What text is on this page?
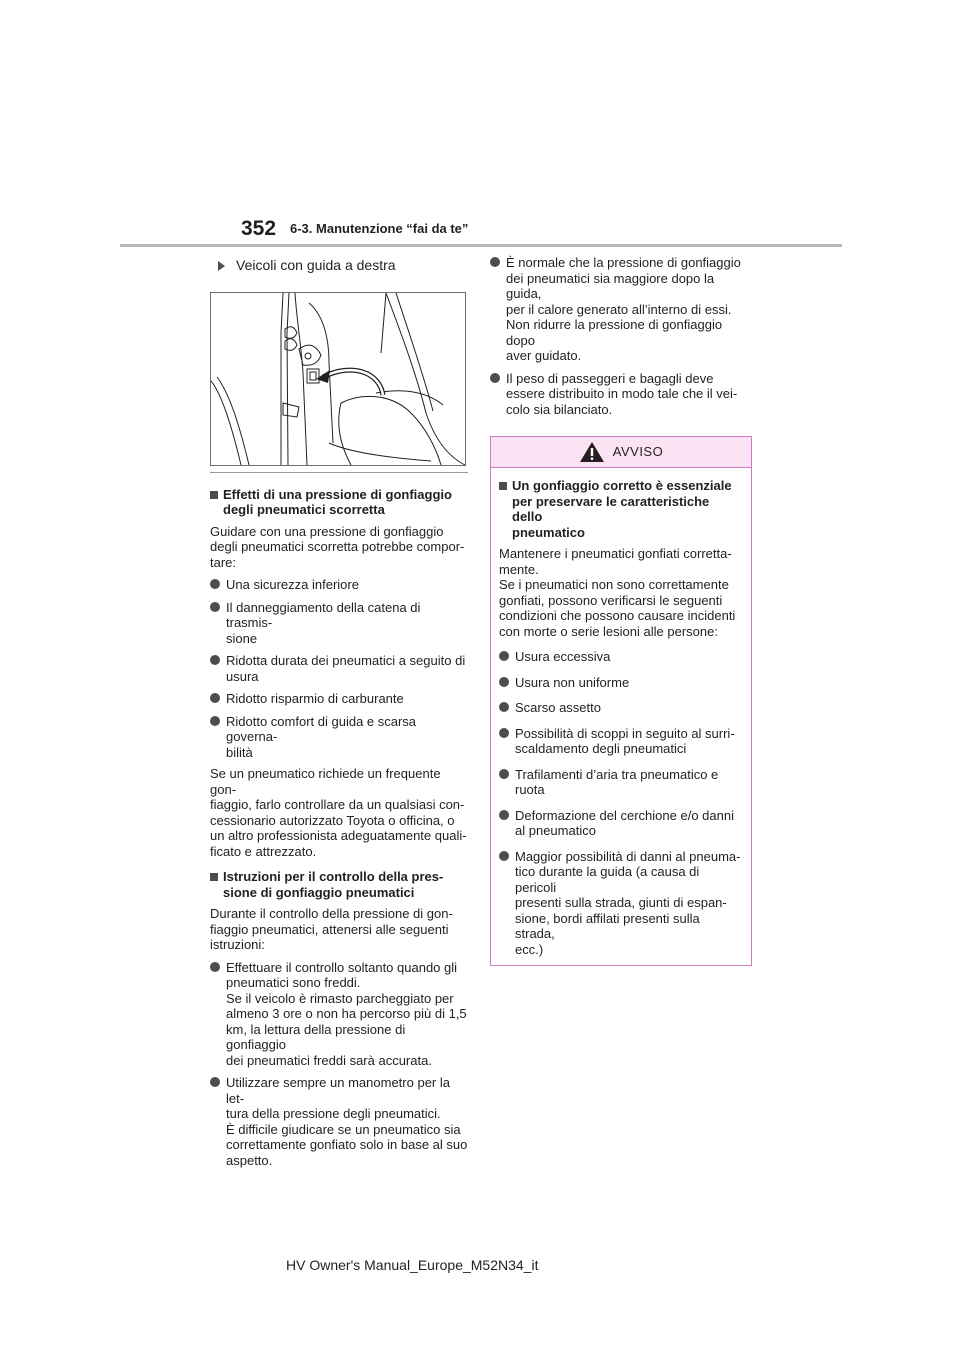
352 6-3. Manutenzione “fai da te”
Veicoli con guida a destra
Effetti di una pressione di gonfiaggio degli pneumatici scorretta
Guidare con una pressione di gonfiaggio
degli pneumatici scorretta potrebbe compor-
tare:
Una sicurezza inferiore
Il danneggiamento della catena di trasmis-
sione
Ridotta durata dei pneumatici a seguito di
usura
Ridotto risparmio di carburante
Ridotto comfort di guida e scarsa governa-
bilità
Se un pneumatico richiede un frequente gon-
fiaggio, farlo controllare da un qualsiasi con-
cessionario autorizzato Toyota o officina, o
un altro professionista adeguatamente quali-
ficato e attrezzato.
Istruzioni per il controllo della pres-
sione di gonfiaggio pneumatici
Durante il controllo della pressione di gon-
fiaggio pneumatici, attenersi alle seguenti
istruzioni:
Effettuare il controllo soltanto quando gli
pneumatici sono freddi.
Se il veicolo è rimasto parcheggiato per
almeno 3 ore o non ha percorso più di 1,5
km, la lettura della pressione di gonfiaggio
dei pneumatici freddi sarà accurata.
Utilizzare sempre un manometro per la let-
tura della pressione degli pneumatici.
È difficile giudicare se un pneumatico sia
correttamente gonfiato solo in base al suo
aspetto.
È normale che la pressione di gonfiaggio
dei pneumatici sia maggiore dopo la guida,
per il calore generato all’interno di essi.
Non ridurre la pressione di gonfiaggio dopo
aver guidato.
Il peso di passeggeri e bagagli deve
essere distribuito in modo tale che il vei-
colo sia bilanciato.
AVVISO
Un gonfiaggio corretto è essenziale
per preservare le caratteristiche dello
pneumatico
Mantenere i pneumatici gonfiati corretta-
mente.
Se i pneumatici non sono correttamente
gonfiati, possono verificarsi le seguenti
condizioni che possono causare incidenti
con morte o serie lesioni alle persone:
Usura eccessiva
Usura non uniforme
Scarso assetto
Possibilità di scoppi in seguito al surri-
scaldamento degli pneumatici
Trafilamenti d’aria tra pneumatico e
ruota
Deformazione del cerchione e/o danni
al pneumatico
Maggior possibilità di danni al pneuma-
tico durante la guida (a causa di pericoli
presenti sulla strada, giunti di espan-
sione, bordi affilati presenti sulla strada,
ecc.)
HV Owner's Manual_Europe_M52N34_it
